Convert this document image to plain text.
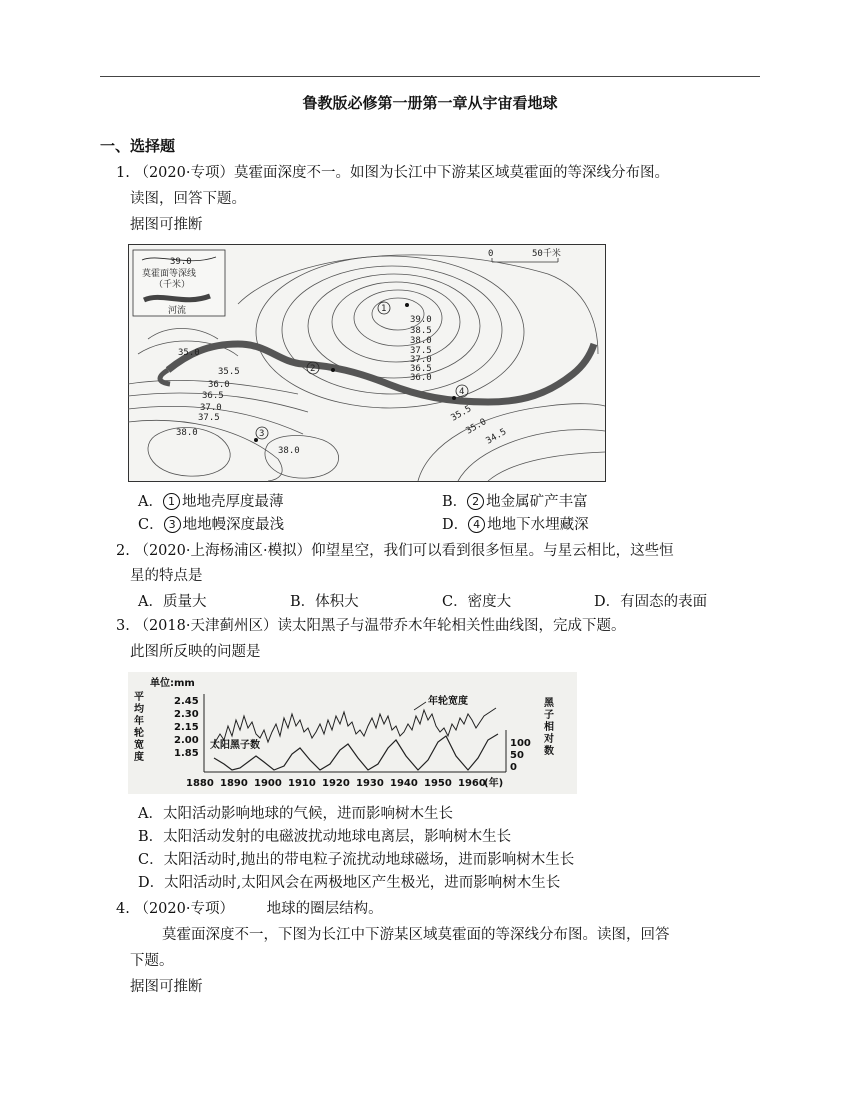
鲁教版必修第一册第一章从宇宙看地球
一、选择题
1. （2020·专项）莫霍面深度不一。如图为长江中下游某区域莫霍面的等深线分布图。
读图，回答下题。
据图可推断
39.0
莫霍面等深线
（千米）
河流
0	50千米
1
2
3
4
39.0
38.5
38.0
37.5
37.0
36.5
36.0
35.0
35.5
36.0
36.5
37.0
37.5
38.0
38.0
35.5
35.0
34.5
A． 1 地地壳厚度最薄	B． 2 地金属矿产丰富
C． 3 地地幔深度最浅	D． 4 地地下水埋藏深
2. （2020·上海杨浦区·模拟）仰望星空，我们可以看到很多恒星。与星云相比，这些恒
星的特点是
A．质量大	B．体积大	C．密度大	D．有固态的表面
3. （2018·天津蓟州区）读太阳黑子与温带乔木年轮相关性曲线图，完成下题。
此图所反映的问题是
单位:mm
平
均
年
轮
宽
度
2.45
2.30
2.15
2.00
1.85
年轮宽度
太阳黑子数	100
50
0
黑
子
相
对
数
1880 1890 1900 1910 1920 1930 1940 1950 1960
(年)
A．太阳活动影响地球的气候，进而影响树木生长
B．太阳活动发射的电磁波扰动地球电离层，影响树木生长
C．太阳活动时,抛出的带电粒子流扰动地球磁场，进而影响树木生长
D．太阳活动时,太阳风会在两极地区产生极光，进而影响树木生长
4. （2020·专项） 地球的圈层结构。
莫霍面深度不一，下图为长江中下游某区域莫霍面的等深线分布图。读图，回答
下题。
据图可推断
